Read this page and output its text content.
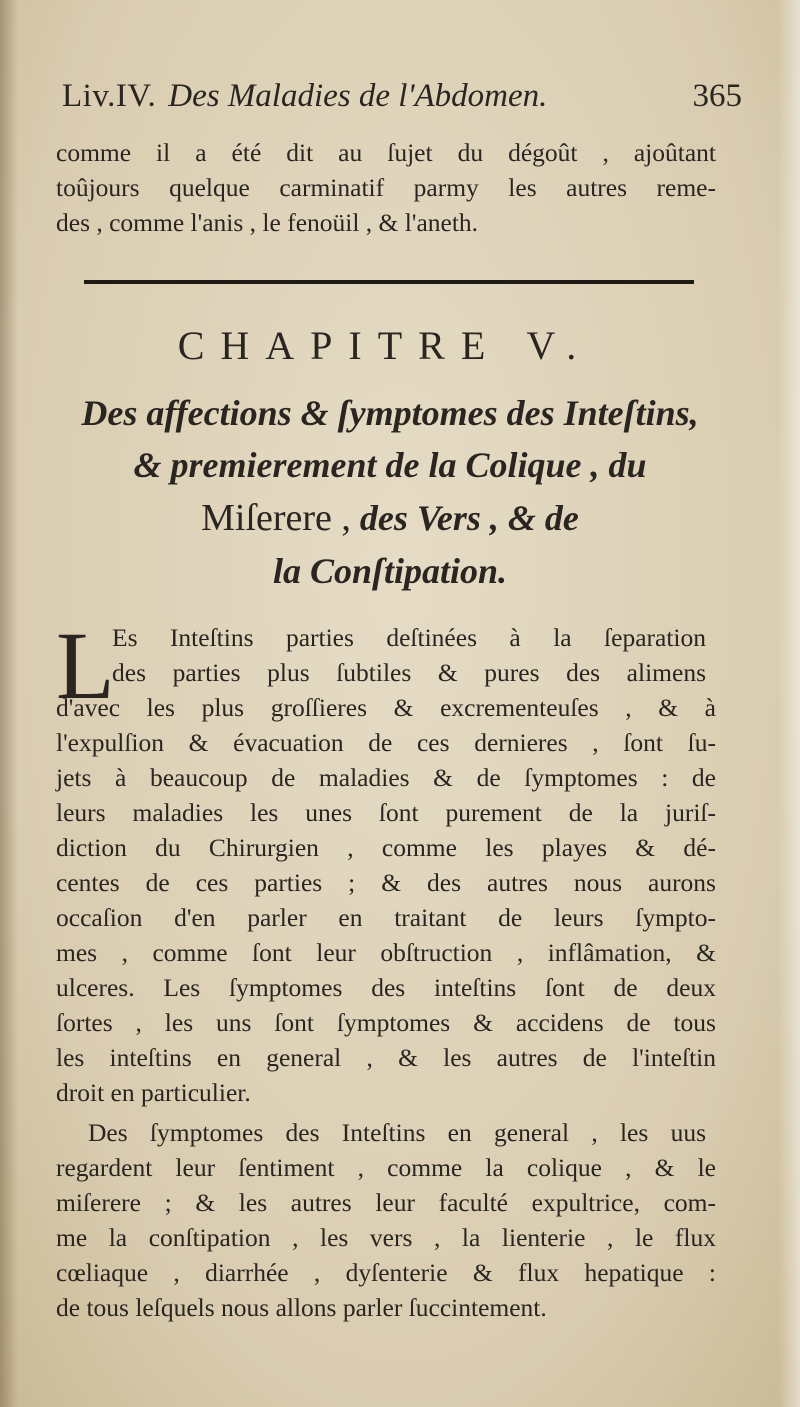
Liv.IV. Des Maladies de l'Abdomen.	365
comme il a été dit au ſujet du dégoût , ajoûtant
toûjours quelque carminatif parmy les autres reme-
des , comme l'anis , le fenoüil , & l'aneth.
CHAPITRE V.
Des affections & ſymptomes des Inteſtins,
& premierement de la Colique , du
Miſerere , des Vers , & de
la Conſtipation.
L
Es Inteſtins parties deſtinées à la ſeparation
des parties plus ſubtiles & pures des alimens
d'avec les plus groſſieres & excrementeuſes , & à
l'expulſion & évacuation de ces dernieres , ſont ſu-
jets à beaucoup de maladies & de ſymptomes : de
leurs maladies les unes ſont purement de la juriſ-
diction du Chirurgien , comme les playes & dé-
centes de ces parties ; & des autres nous aurons
occaſion d'en parler en traitant de leurs ſympto-
mes , comme ſont leur obſtruction , inflâmation, &
ulceres. Les ſymptomes des inteſtins ſont de deux
ſortes , les uns ſont ſymptomes & accidens de tous
les inteſtins en general , & les autres de l'inteſtin
droit en particulier.
Des ſymptomes des Inteſtins en general , les uus
regardent leur ſentiment , comme la colique , & le
miſerere ; & les autres leur faculté expultrice, com-
me la conſtipation , les vers , la lienterie , le flux
cœliaque , diarrhée , dyſenterie & flux hepatique :
de tous leſquels nous allons parler ſuccintement.
